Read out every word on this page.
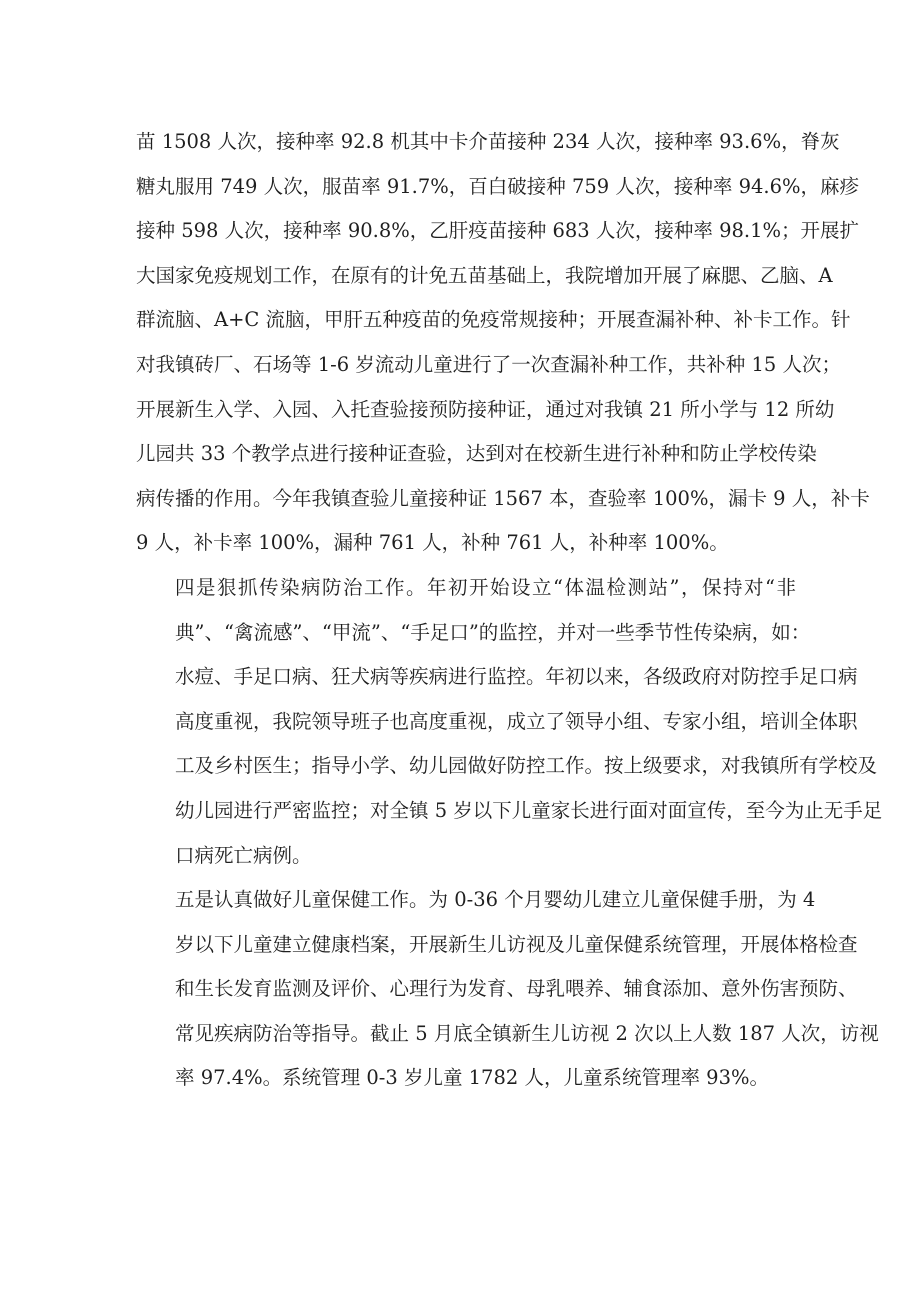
苗 1508 人次，接种率 92.8 机其中卡介苗接种 234 人次，接种率 93.6%，脊灰
糖丸服用 749 人次，服苗率 91.7%，百白破接种 759 人次，接种率 94.6%，麻疹
接种 598 人次，接种率 90.8%，乙肝疫苗接种 683 人次，接种率 98.1%；开展扩
大国家免疫规划工作，在原有的计免五苗基础上，我院增加开展了麻腮、乙脑、A
群流脑、A+C 流脑，甲肝五种疫苗的免疫常规接种；开展查漏补种、补卡工作。针
对我镇砖厂、石场等 1-6 岁流动儿童进行了一次查漏补种工作，共补种 15 人次；
开展新生入学、入园、入托查验接预防接种证，通过对我镇 21 所小学与 12 所幼
儿园共 33 个教学点进行接种证查验，达到对在校新生进行补种和防止学校传染
病传播的作用。今年我镇查验儿童接种证 1567 本，查验率 100%，漏卡 9 人，补卡
9 人，补卡率 100%，漏种 761 人，补种 761 人，补种率 100%。

四是狠抓传染病防治工作。年初开始设立“体温检测站”，保持对“非
典”、“禽流感”、“甲流”、“手足口”的监控，并对一些季节性传染病，如：
水痘、手足口病、狂犬病等疾病进行监控。年初以来，各级政府对防控手足口病
高度重视，我院领导班子也高度重视，成立了领导小组、专家小组，培训全体职
工及乡村医生；指导小学、幼儿园做好防控工作。按上级要求，对我镇所有学校及
幼儿园进行严密监控；对全镇 5 岁以下儿童家长进行面对面宣传，至今为止无手足
口病死亡病例。

五是认真做好儿童保健工作。为 0-36 个月婴幼儿建立儿童保健手册，为 4
岁以下儿童建立健康档案，开展新生儿访视及儿童保健系统管理，开展体格检查
和生长发育监测及评价、心理行为发育、母乳喂养、辅食添加、意外伤害预防、
常见疾病防治等指导。截止 5 月底全镇新生儿访视 2 次以上人数 187 人次，访视
率 97.4%。系统管理 0-3 岁儿童 1782 人，儿童系统管理率 93%。
